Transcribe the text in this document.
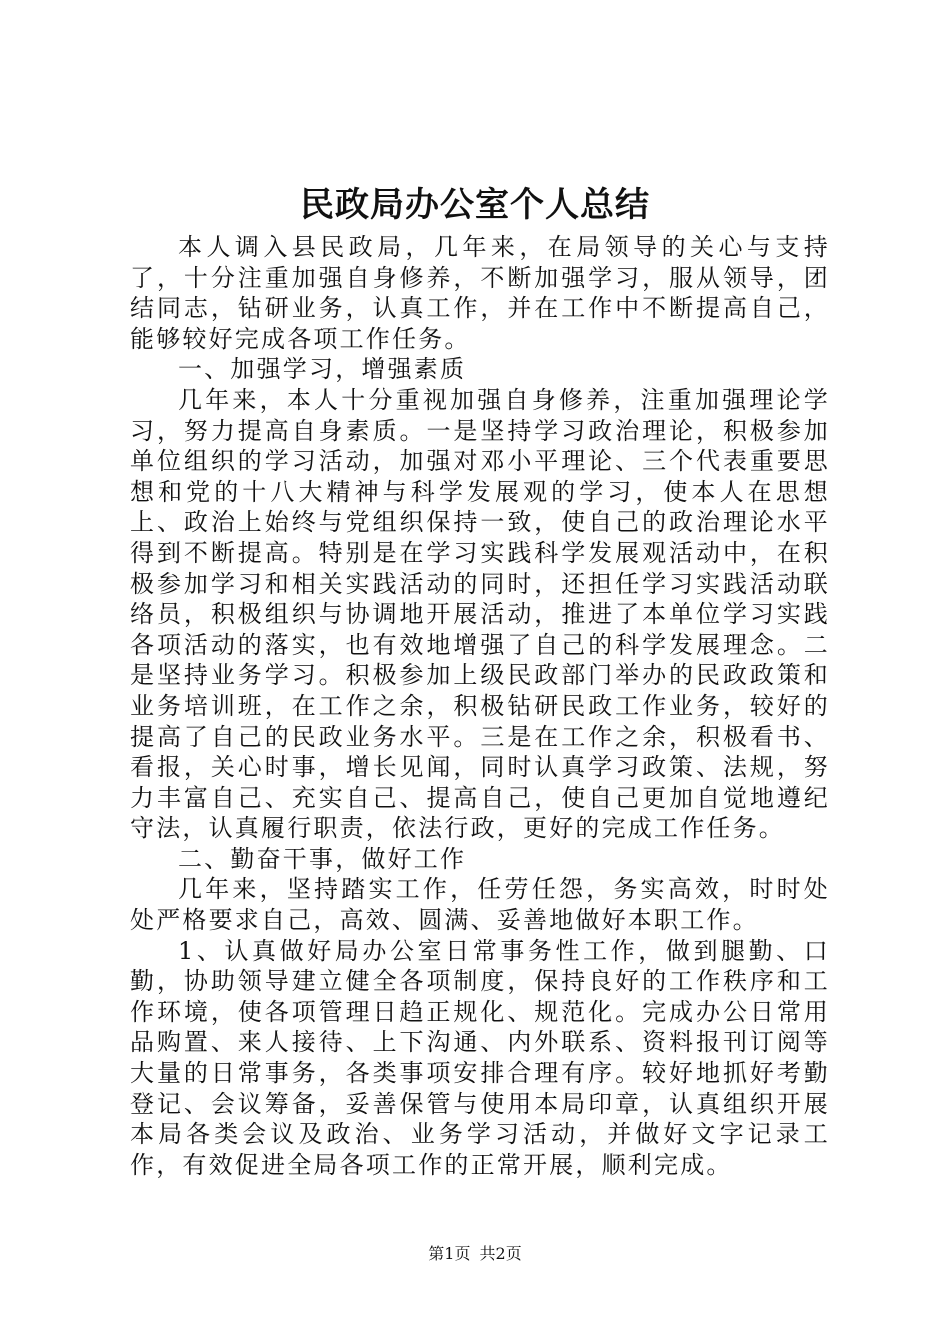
民政局办公室个人总结

本人调入县民政局，几年来，在局领导的关心与支持了，十分注重加强自身修养，不断加强学习，服从领导，团结同志，钻研业务，认真工作，并在工作中不断提高自己，能够较好完成各项工作任务。

一、加强学习，增强素质

几年来，本人十分重视加强自身修养，注重加强理论学习，努力提高自身素质。一是坚持学习政治理论，积极参加单位组织的学习活动，加强对邓小平理论、三个代表重要思想和党的十八大精神与科学发展观的学习，使本人在思想上、政治上始终与党组织保持一致，使自己的政治理论水平得到不断提高。特别是在学习实践科学发展观活动中，在积极参加学习和相关实践活动的同时，还担任学习实践活动联络员，积极组织与协调地开展活动，推进了本单位学习实践各项活动的落实，也有效地增强了自己的科学发展理念。二是坚持业务学习。积极参加上级民政部门举办的民政政策和业务培训班，在工作之余，积极钻研民政工作业务，较好的提高了自己的民政业务水平。三是在工作之余，积极看书、看报，关心时事，增长见闻，同时认真学习政策、法规，努力丰富自己、充实自己、提高自己，使自己更加自觉地遵纪守法，认真履行职责，依法行政，更好的完成工作任务。

二、勤奋干事，做好工作

几年来，坚持踏实工作，任劳任怨，务实高效，时时处处严格要求自己，高效、圆满、妥善地做好本职工作。

1、认真做好局办公室日常事务性工作，做到腿勤、口勤，协助领导建立健全各项制度，保持良好的工作秩序和工作环境，使各项管理日趋正规化、规范化。完成办公日常用品购置、来人接待、上下沟通、内外联系、资料报刊订阅等大量的日常事务，各类事项安排合理有序。较好地抓好考勤登记、会议筹备，妥善保管与使用本局印章，认真组织开展本局各类会议及政治、业务学习活动，并做好文字记录工作，有效促进全局各项工作的正常开展，顺利完成。

第1页 共2页
